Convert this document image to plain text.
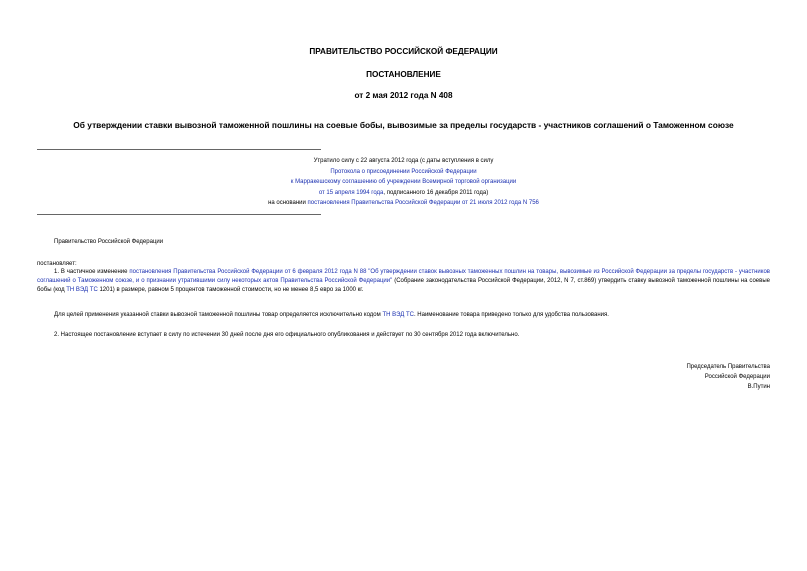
ПРАВИТЕЛЬСТВО РОССИЙСКОЙ ФЕДЕРАЦИИ
ПОСТАНОВЛЕНИЕ
от 2 мая 2012 года N 408
Об утверждении ставки вывозной таможенной пошлины на соевые бобы, вывозимые за пределы государств - участников соглашений о Таможенном союзе
Утратило силу с 22 августа 2012 года (с даты вступления в силу
Протокола о присоединении Российской Федерации
к Марракешскому соглашению об учреждении Всемирной торговой организации
от 15 апреля 1994 года, подписанного 16 декабря 2011 года)
на основании постановления Правительства Российской Федерации от 21 июля 2012 года N 756
Правительство Российской Федерации
постановляет:
1. В частичное изменение постановления Правительства Российской Федерации от 6 февраля 2012 года N 88 "Об утверждении ставок вывозных таможенных пошлин на товары, вывозимые из Российской Федерации за пределы государств - участников соглашений о Таможенном союзе, и о признании утратившими силу некоторых актов Правительства Российской Федерации" (Собрание законодательства Российской Федерации, 2012, N 7, ст.869) утвердить ставку вывозной таможенной пошлины на соевые бобы (код ТН ВЭД ТС 1201) в размере, равном 5 процентов таможенной стоимости, но не менее 8,5 евро за 1000 кг.
Для целей применения указанной ставки вывозной таможенной пошлины товар определяется исключительно кодом ТН ВЭД ТС. Наименование товара приведено только для удобства пользования.
2. Настоящее постановление вступает в силу по истечении 30 дней после дня его официального опубликования и действует по 30 сентября 2012 года включительно.
Председатель Правительства
Российской Федерации
В.Путин
